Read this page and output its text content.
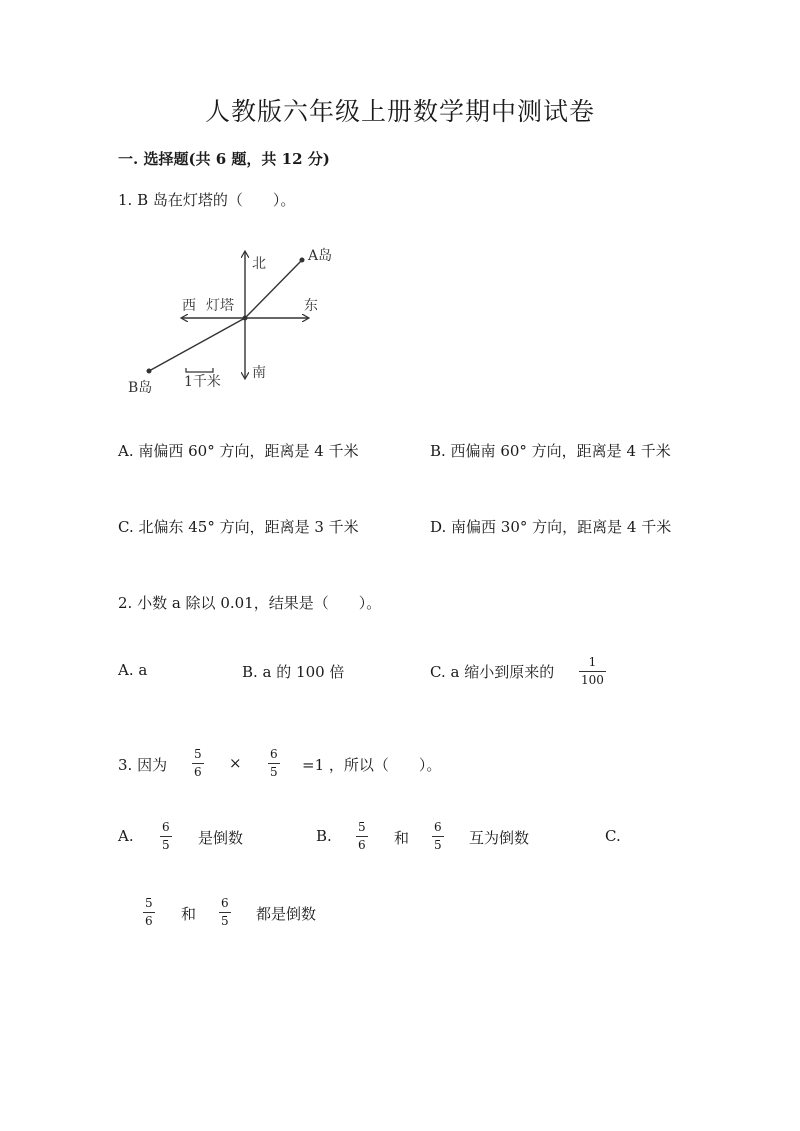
人教版六年级上册数学期中测试卷
一. 选择题(共 6 题，共 12 分)
1. B 岛在灯塔的（　　）。
北
南
西 灯塔	东
A岛
B岛 1千米
A. 南偏西 60° 方向，距离是 4 千米	B. 西偏南 60° 方向，距离是 4 千米
C. 北偏东 45° 方向，距离是 3 千米	D. 南偏西 30° 方向，距离是 4 千米
2. 小数 a 除以 0.01，结果是（　　）。
A. a	B. a 的 100 倍	C. a 缩小到原来的
1
100
3. 因为
5
6 × 6
5 =1 ，所以（　　）。
A. 6
5 是倒数	B. 5
6 和
6
5 互为倒数	C.
5
6 和
6
5 都是倒数
